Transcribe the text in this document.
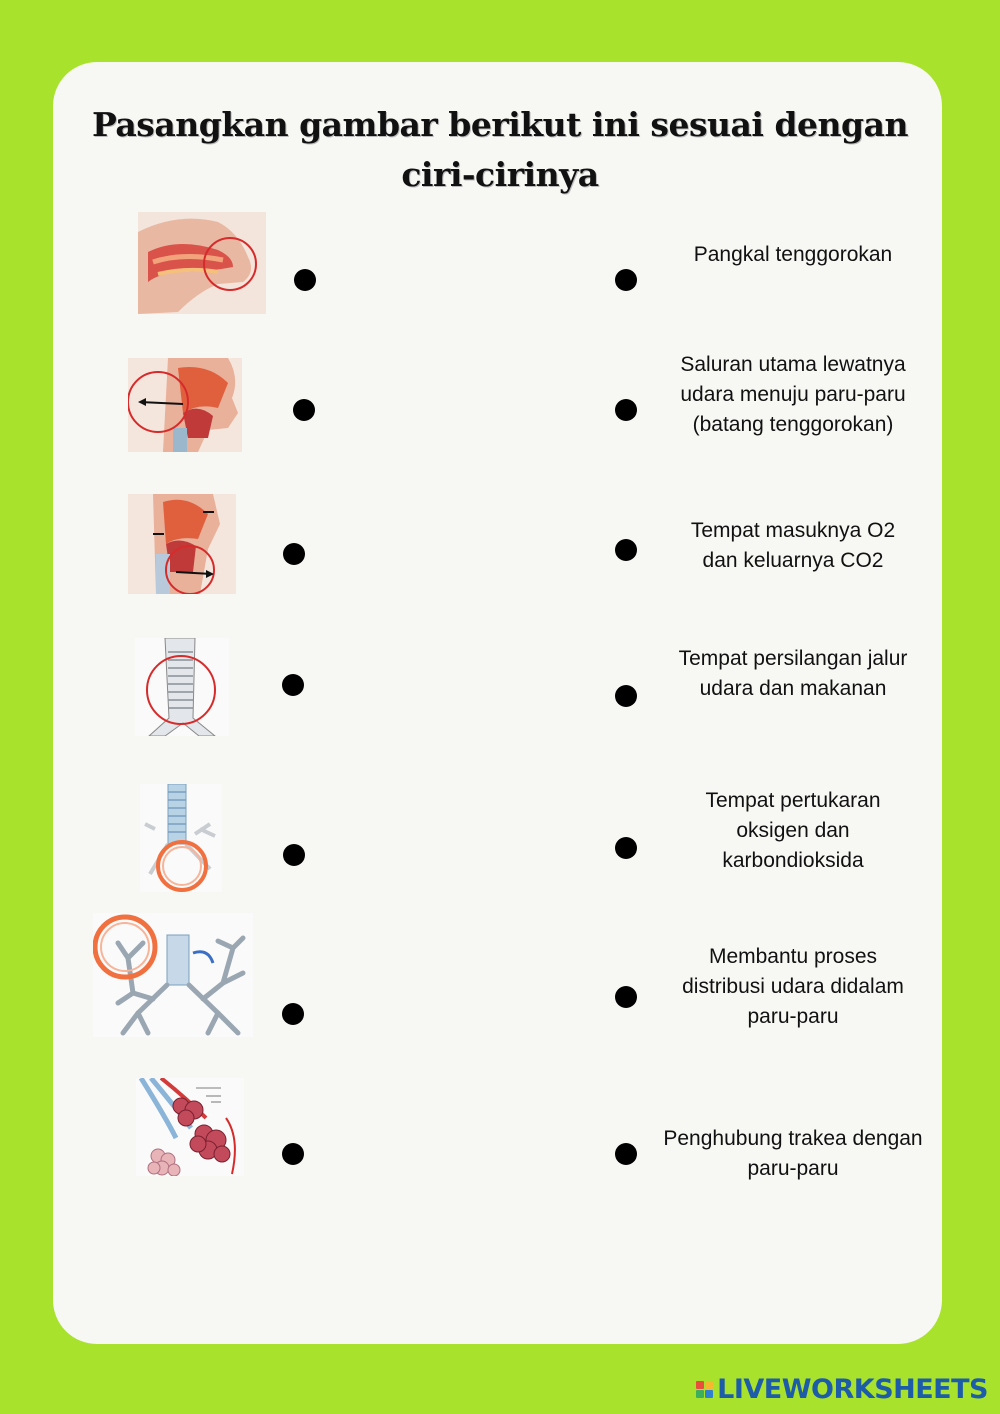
Pasangkan gambar berikut ini sesuai dengan ciri-cirinya
Pangkal tenggorokan
Saluran utama lewatnya udara menuju paru-paru (batang tenggorokan)
Tempat masuknya O2 dan keluarnya CO2
Tempat persilangan jalur udara dan makanan
Tempat pertukaran oksigen dan karbondioksida
Membantu proses distribusi udara didalam paru-paru
Penghubung trakea dengan paru-paru
LIVEWORKSHEETS
